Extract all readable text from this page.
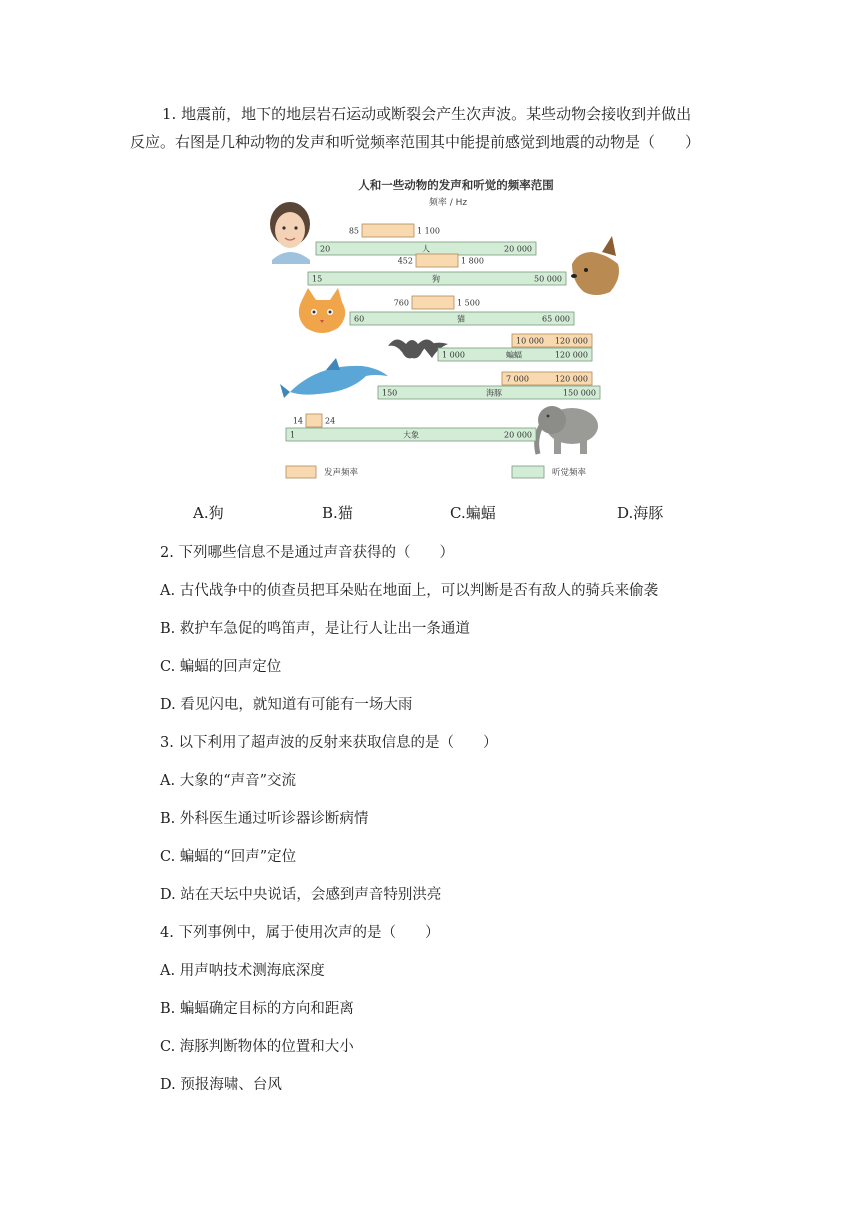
1. 地震前，地下的地层岩石运动或断裂会产生次声波。某些动物会接收到并做出
反应。右图是几种动物的发声和听觉频率范围其中能提前感觉到地震的动物是（　　）
人和一些动物的发声和听觉的频率范围
频率 / Hz
20	20 000
人
85	1 100
15	50 000
狗
452	1 800
60	65 000
猫
760	1 500
1 000	120 000
蝙蝠
10 000 120 000
150	150 000
海豚
7 000	120 000
1	20 000
大象
14	24
发声频率	听觉频率
A.狗	B.猫	C.蝙蝠	D.海豚
2. 下列哪些信息不是通过声音获得的（　　）
A. 古代战争中的侦查员把耳朵贴在地面上，可以判断是否有敌人的骑兵来偷袭
B. 救护车急促的鸣笛声，是让行人让出一条通道
C. 蝙蝠的回声定位
D. 看见闪电，就知道有可能有一场大雨
3. 以下利用了超声波的反射来获取信息的是（　　）
A. 大象的“声音”交流
B. 外科医生通过听诊器诊断病情
C. 蝙蝠的“回声”定位
D. 站在天坛中央说话，会感到声音特别洪亮
4. 下列事例中，属于使用次声的是（　　）
A. 用声呐技术测海底深度
B. 蝙蝠确定目标的方向和距离
C. 海豚判断物体的位置和大小
D. 预报海啸、台风
